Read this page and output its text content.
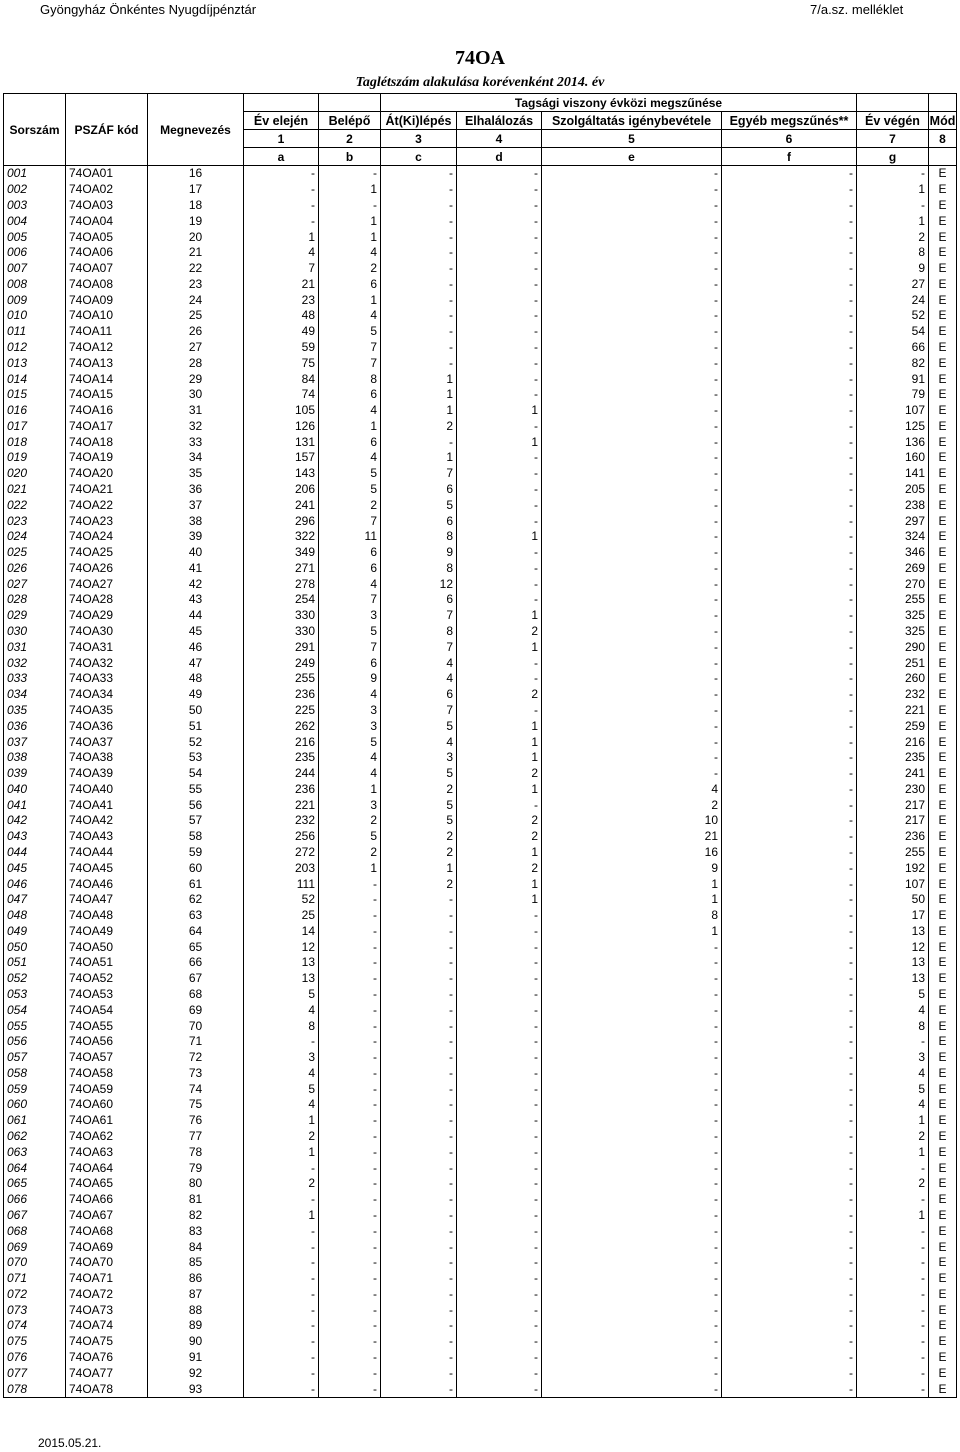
Gyöngyház Önkéntes Nyugdíjpénztár	7/a.sz. melléklet
74OA
Taglétszám alakulása korévenként 2014. év
Sorszám	PSZÁF kód	Megnevezés			Tagsági viszony évközi megszűnése					
			Év elején	Belépő	Át(Ki)lépés	Elhalálozás	Szolgáltatás igénybevétele	Egyéb megszűnés**	Év végén	Mód
			1	2	3	4	5	6	7	8
			a	b	c	d	e	f	g	
001	74OA01	16	-	-	-	-	-	-	-	E
002	74OA02	17	-	1	-	-	-	-	1	E
003	74OA03	18	-	-	-	-	-	-	-	E
004	74OA04	19	-	1	-	-	-	-	1	E
005	74OA05	20	1	1	-	-	-	-	2	E
006	74OA06	21	4	4	-	-	-	-	8	E
007	74OA07	22	7	2	-	-	-	-	9	E
008	74OA08	23	21	6	-	-	-	-	27	E
009	74OA09	24	23	1	-	-	-	-	24	E
010	74OA10	25	48	4	-	-	-	-	52	E
011	74OA11	26	49	5	-	-	-	-	54	E
012	74OA12	27	59	7	-	-	-	-	66	E
013	74OA13	28	75	7	-	-	-	-	82	E
014	74OA14	29	84	8	1	-	-	-	91	E
015	74OA15	30	74	6	1	-	-	-	79	E
016	74OA16	31	105	4	1	1	-	-	107	E
017	74OA17	32	126	1	2	-	-	-	125	E
018	74OA18	33	131	6	-	1	-	-	136	E
019	74OA19	34	157	4	1	-	-	-	160	E
020	74OA20	35	143	5	7	-	-	-	141	E
021	74OA21	36	206	5	6	-	-	-	205	E
022	74OA22	37	241	2	5	-	-	-	238	E
023	74OA23	38	296	7	6	-	-	-	297	E
024	74OA24	39	322	11	8	1	-	-	324	E
025	74OA25	40	349	6	9	-	-	-	346	E
026	74OA26	41	271	6	8	-	-	-	269	E
027	74OA27	42	278	4	12	-	-	-	270	E
028	74OA28	43	254	7	6	-	-	-	255	E
029	74OA29	44	330	3	7	1	-	-	325	E
030	74OA30	45	330	5	8	2	-	-	325	E
031	74OA31	46	291	7	7	1	-	-	290	E
032	74OA32	47	249	6	4	-	-	-	251	E
033	74OA33	48	255	9	4	-	-	-	260	E
034	74OA34	49	236	4	6	2	-	-	232	E
035	74OA35	50	225	3	7	-	-	-	221	E
036	74OA36	51	262	3	5	1	-	-	259	E
037	74OA37	52	216	5	4	1	-	-	216	E
038	74OA38	53	235	4	3	1	-	-	235	E
039	74OA39	54	244	4	5	2	-	-	241	E
040	74OA40	55	236	1	2	1	4	-	230	E
041	74OA41	56	221	3	5	-	2	-	217	E
042	74OA42	57	232	2	5	2	10	-	217	E
043	74OA43	58	256	5	2	2	21	-	236	E
044	74OA44	59	272	2	2	1	16	-	255	E
045	74OA45	60	203	1	1	2	9	-	192	E
046	74OA46	61	111	-	2	1	1	-	107	E
047	74OA47	62	52	-	-	1	1	-	50	E
048	74OA48	63	25	-	-	-	8	-	17	E
049	74OA49	64	14	-	-	-	1	-	13	E
050	74OA50	65	12	-	-	-	-	-	12	E
051	74OA51	66	13	-	-	-	-	-	13	E
052	74OA52	67	13	-	-	-	-	-	13	E
053	74OA53	68	5	-	-	-	-	-	5	E
054	74OA54	69	4	-	-	-	-	-	4	E
055	74OA55	70	8	-	-	-	-	-	8	E
056	74OA56	71	-	-	-	-	-	-	-	E
057	74OA57	72	3	-	-	-	-	-	3	E
058	74OA58	73	4	-	-	-	-	-	4	E
059	74OA59	74	5	-	-	-	-	-	5	E
060	74OA60	75	4	-	-	-	-	-	4	E
061	74OA61	76	1	-	-	-	-	-	1	E
062	74OA62	77	2	-	-	-	-	-	2	E
063	74OA63	78	1	-	-	-	-	-	1	E
064	74OA64	79	-	-	-	-	-	-	-	E
065	74OA65	80	2	-	-	-	-	-	2	E
066	74OA66	81	-	-	-	-	-	-	-	E
067	74OA67	82	1	-	-	-	-	-	1	E
068	74OA68	83	-	-	-	-	-	-	-	E
069	74OA69	84	-	-	-	-	-	-	-	E
070	74OA70	85	-	-	-	-	-	-	-	E
071	74OA71	86	-	-	-	-	-	-	-	E
072	74OA72	87	-	-	-	-	-	-	-	E
073	74OA73	88	-	-	-	-	-	-	-	E
074	74OA74	89	-	-	-	-	-	-	-	E
075	74OA75	90	-	-	-	-	-	-	-	E
076	74OA76	91	-	-	-	-	-	-	-	E
077	74OA77	92	-	-	-	-	-	-	-	E
078	74OA78	93	-	-	-	-	-	-	-	E
2015.05.21.
